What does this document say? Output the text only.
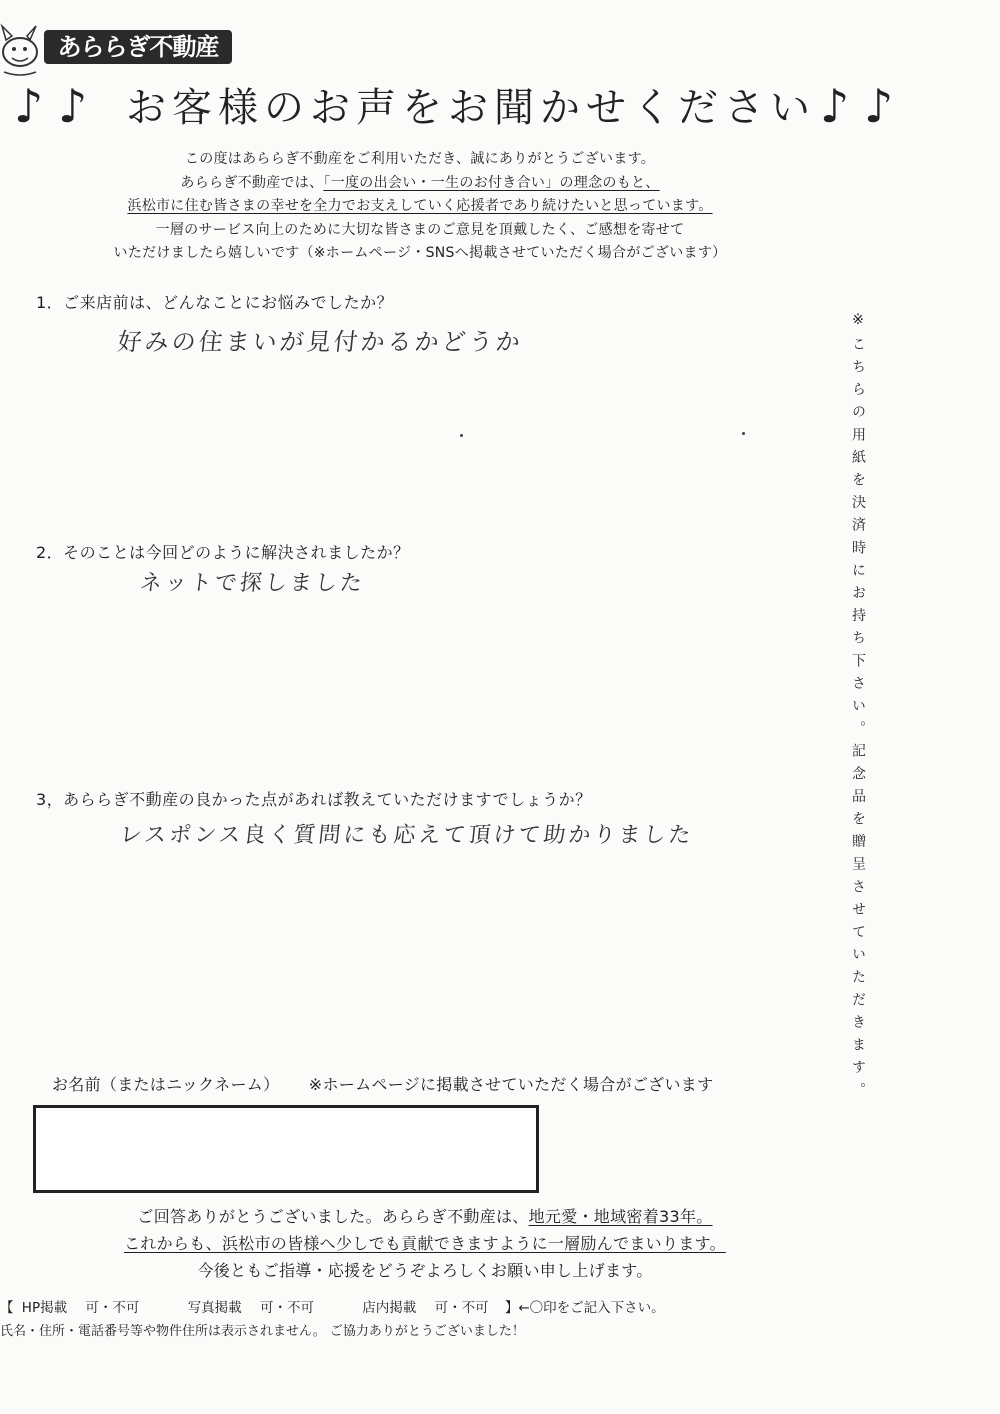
あららぎ不動産
♪ ♪ お客様のお声をお聞かせください ♪ ♪
この度はあららぎ不動産をご利用いただき、誠にありがとうございます。
あららぎ不動産では、「一度の出会い・一生のお付き合い」の理念のもと、
浜松市に住む皆さまの幸せを全力でお支えしていく応援者であり続けたいと思っています。
一層のサービス向上のために大切な皆さまのご意見を頂戴したく、ご感想を寄せて
いただけましたら嬉しいです（※ホームページ・SNSへ掲載させていただく場合がございます）
1．ご来店前は、どんなことにお悩みでしたか？
好みの住まいが見付かるかどうか
2．そのことは今回どのように解決されましたか？
ネットで探しました
3，あららぎ不動産の良かった点があれば教えていただけますでしょうか？
レスポンス良く質問にも応えて頂けて助かりました	※こちらの用紙を決済時にお持ち下さい。記念品を贈呈させていただきます。
お名前（またはニックネーム） ※ホームページに掲載させていただく場合がございます
ご回答ありがとうございました。あららぎ不動産は、地元愛・地域密着33年。
これからも、浜松市の皆様へ少しでも貢献できますように一層励んでまいります。
今後ともご指導・応援をどうぞよろしくお願い申し上げます。
【 HP掲載 可・不可	写真掲載 可・不可	店内掲載 可・不可 】←〇印をご記入下さい。
氏名・住所・電話番号等や物件住所は表示されません。 ご協力ありがとうございました！
